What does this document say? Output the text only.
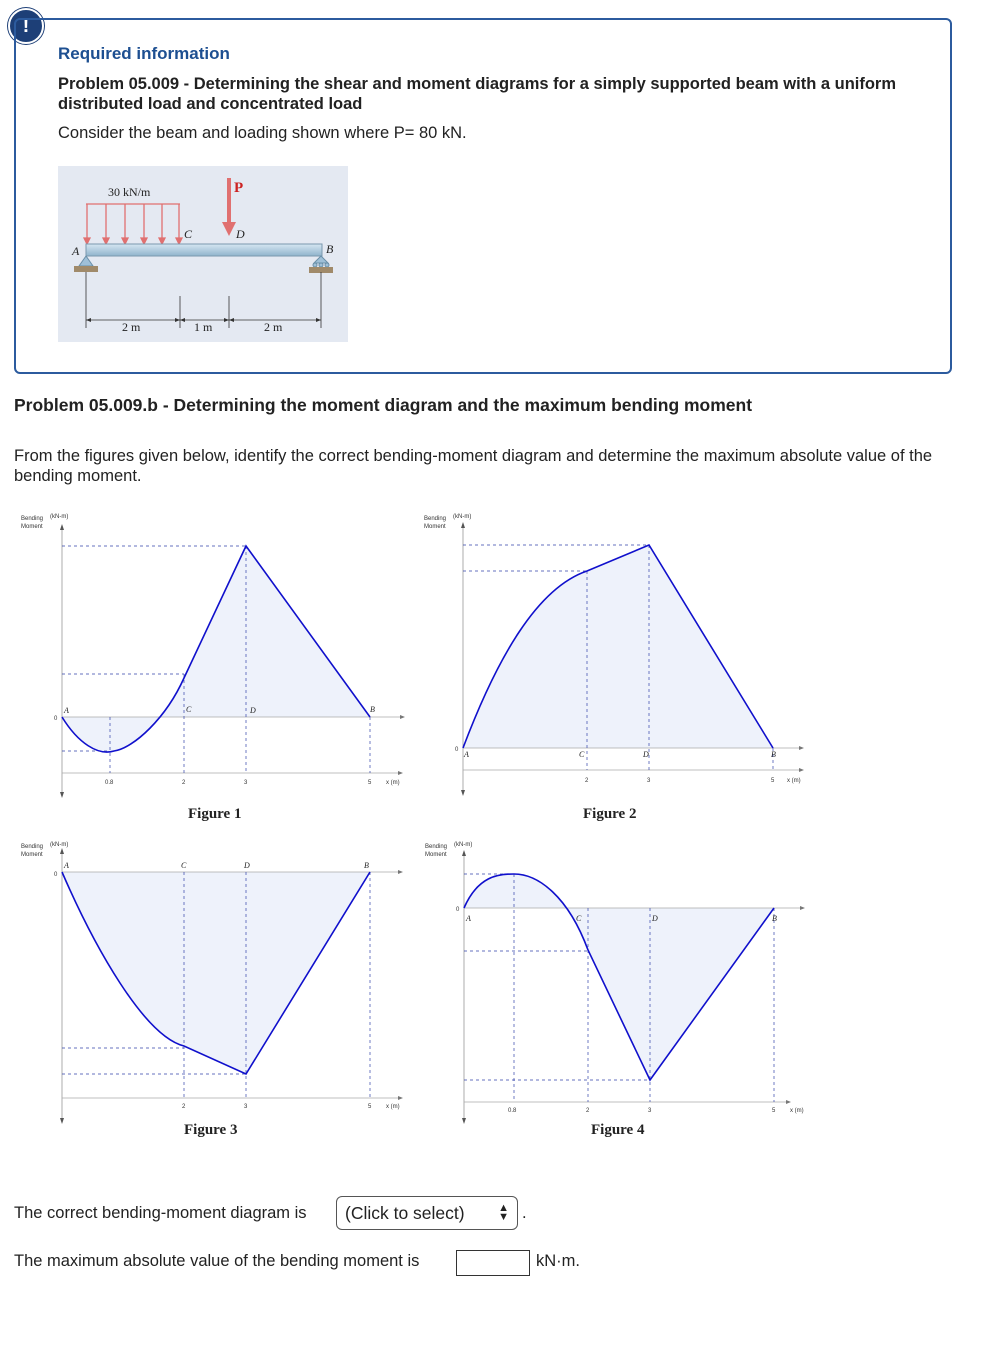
!
Required information
Problem 05.009 - Determining the shear and moment diagrams for a simply supported beam with a uniform distributed load and concentrated load
Consider the beam and loading shown where P= 80 kN.
30 kN/m	P
C	D
A	B
2 m	1 m	2 m
Problem 05.009.b - Determining the moment diagram and the maximum bending moment
From the figures given below, identify the correct bending-moment diagram and determine the maximum absolute value of the bending moment.
Bending
Moment
(kN-m)
0
A	C	D	B
0.8	2	3	5 x (m)
Figure 1
Bending
Moment
(kN-m)
0 A	C	D	B
2	3	5 x (m)
Figure 2
Bending
Moment
(kN-m)
0
A	C	D	B
2	3	5 x (m)
Figure 3
Bending
Moment
(kN-m)
0
A	C	D	B
0.8	2	3	5 x (m)
Figure 4
The correct bending-moment diagram is	(Click to select)	▲
▼ .
The maximum absolute value of the bending moment is	kN·m.
